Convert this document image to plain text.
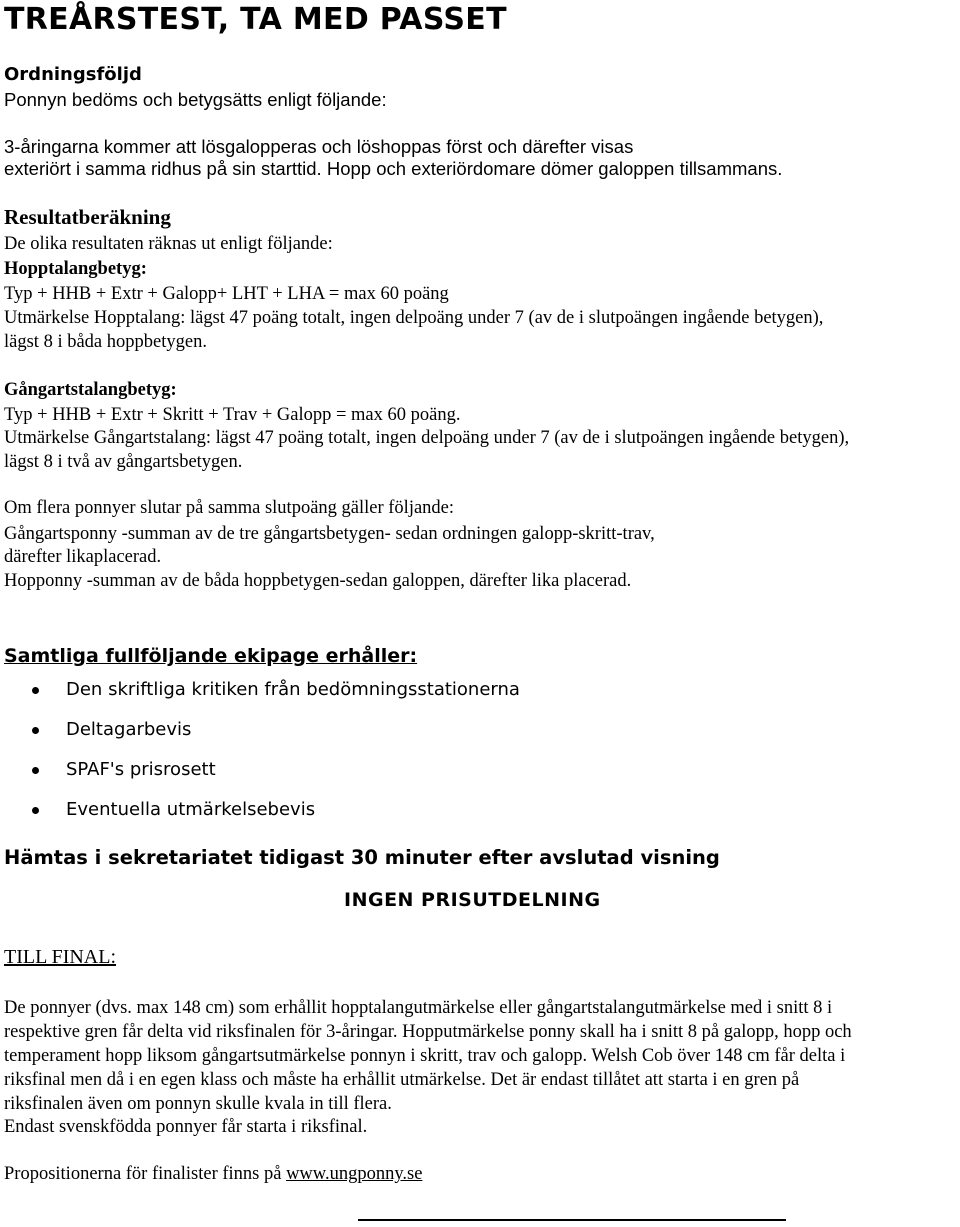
TREÅRSTEST, TA MED PASSET
Ordningsföljd
Ponnyn bedöms och betygsätts enligt följande:
3-åringarna kommer att lösgalopperas och löshoppas först och därefter visas
exteriört i samma ridhus på sin starttid. Hopp och exteriördomare dömer galoppen tillsammans.
Resultatberäkning
De olika resultaten räknas ut enligt följande:
Hopptalangbetyg:
Typ + HHB + Extr + Galopp+ LHT + LHA = max 60 poäng
Utmärkelse Hopptalang: lägst 47 poäng totalt, ingen delpoäng under 7 (av de i slutpoängen ingående betygen),
lägst 8 i båda hoppbetygen.
Gångartstalangbetyg:
Typ + HHB + Extr + Skritt + Trav + Galopp = max 60 poäng.
Utmärkelse Gångartstalang: lägst 47 poäng totalt, ingen delpoäng under 7 (av de i slutpoängen ingående betygen),
lägst 8 i två av gångartsbetygen.
Om flera ponnyer slutar på samma slutpoäng gäller följande:
Gångartsponny -summan av de tre gångartsbetygen- sedan ordningen galopp-skritt-trav,
därefter likaplacerad.
Hopponny -summan av de båda hoppbetygen-sedan galoppen, därefter lika placerad.
Samtliga fullföljande ekipage erhåller:
Den skriftliga kritiken från bedömningsstationerna
Deltagarbevis
SPAF's prisrosett
Eventuella utmärkelsebevis
Hämtas i sekretariatet tidigast 30 minuter efter avslutad visning
INGEN PRISUTDELNING
TILL FINAL:
De ponnyer (dvs. max 148 cm) som erhållit hopptalangutmärkelse eller gångartstalangutmärkelse med i snitt 8 i
respektive gren får delta vid riksfinalen för 3-åringar. Hopputmärkelse ponny skall ha i snitt 8 på galopp, hopp och
temperament hopp liksom gångartsutmärkelse ponnyn i skritt, trav och galopp. Welsh Cob över 148 cm får delta i
riksfinal men då i en egen klass och måste ha erhållit utmärkelse. Det är endast tillåtet att starta i en gren på
riksfinalen även om ponnyn skulle kvala in till flera.
Endast svenskfödda ponnyer får starta i riksfinal.
Propositionerna för finalister finns på www.ungponny.se
